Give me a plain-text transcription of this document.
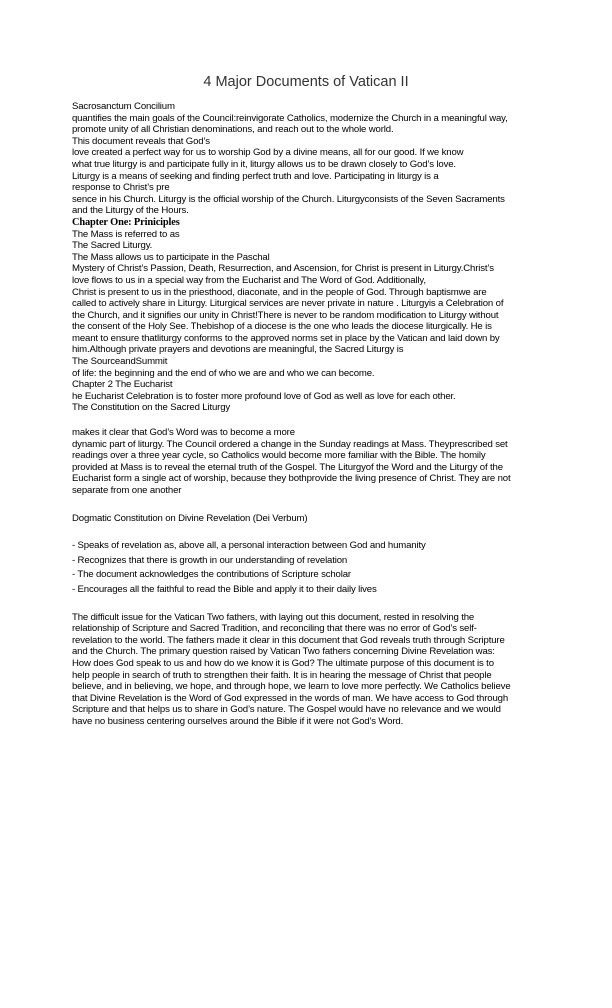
4 Major Documents of Vatican II
Sacrosanctum Concilium
quantifies the main goals of the Council:reinvigorate Catholics, modernize the Church in a meaningful way,
promote unity of all Christian denominations, and reach out to the whole world.
This document reveals that God’s
love created a perfect way for us to worship God by a divine means, all for our good. If we know
what true liturgy is and participate fully in it, liturgy allows us to be drawn closely to God’s love.
Liturgy is a means of seeking and finding perfect truth and love. Participating in liturgy is a
response to Christ’s pre
sence in his Church. Liturgy is the official worship of the Church. Liturgyconsists of the Seven Sacraments
and the Liturgy of the Hours.
Chapter One: Priniciples
The Mass is referred to as
The Sacred Liturgy.
The Mass allows us to participate in the Paschal
Mystery of Christ’s Passion, Death, Resurrection, and Ascension, for Christ is present in Liturgy.Christ’s
love flows to us in a special way from the Eucharist and The Word of God. Additionally,
Christ is present to us in the priesthood, diaconate, and in the people of God. Through baptismwe are
called to actively share in Liturgy. Liturgical services are never private in nature . Liturgyis a Celebration of
the Church, and it signifies our unity in Christ!There is never to be random modification to Liturgy without
the consent of the Holy See. Thebishop of a diocese is the one who leads the diocese liturgically. He is
meant to ensure thatliturgy conforms to the approved norms set in place by the Vatican and laid down by
him.Although private prayers and devotions are meaningful, the Sacred Liturgy is
The SourceandSummit
of life: the beginning and the end of who we are and who we can become.
Chapter 2 The Eucharist
he Eucharist Celebration is to foster more profound love of God as well as love for each other.
The Constitution on the Sacred Liturgy
makes it clear that God’s Word was to become a more
dynamic part of liturgy. The Council ordered a change in the Sunday readings at Mass. Theyprescribed set
readings over a three year cycle, so Catholics would become more familiar with the Bible. The homily
provided at Mass is to reveal the eternal truth of the Gospel. The Liturgyof the Word and the Liturgy of the
Eucharist form a single act of worship, because they bothprovide the living presence of Christ. They are not
separate from one another
Dogmatic Constitution on Divine Revelation (Dei Verbum)
- Speaks of revelation as, above all, a personal interaction between God and humanity
- Recognizes that there is growth in our understanding of revelation
- The document acknowledges the contributions of Scripture scholar
- Encourages all the faithful to read the Bible and apply it to their daily lives
The difficult issue for the Vatican Two fathers, with laying out this document, rested in resolving the
relationship of Scripture and Sacred Tradition, and reconciling that there was no error of God’s self-
revelation to the world. The fathers made it clear in this document that God reveals truth through Scripture
and the Church. The primary question raised by Vatican Two fathers concerning Divine Revelation was:
How does God speak to us and how do we know it is God? The ultimate purpose of this document is to
help people in search of truth to strengthen their faith. It is in hearing the message of Christ that people
believe, and in believing, we hope, and through hope, we learn to love more perfectly. We Catholics believe
that Divine Revelation is the Word of God expressed in the words of man. We have access to God through
Scripture and that helps us to share in God’s nature. The Gospel would have no relevance and we would
have no business centering ourselves around the Bible if it were not God’s Word.
